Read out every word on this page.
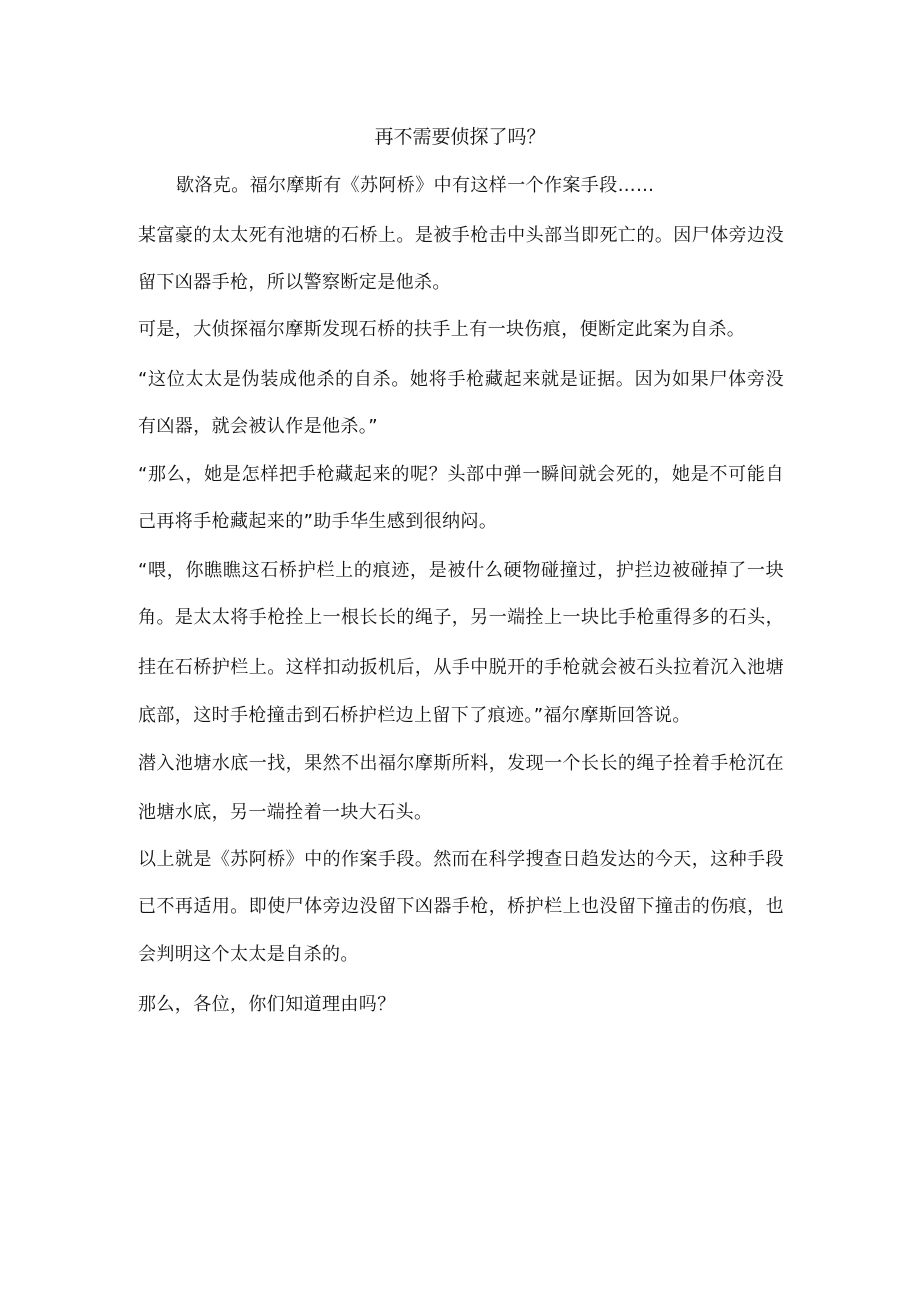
再不需要侦探了吗？
歇洛克。福尔摩斯有《苏阿桥》中有这样一个作案手段……
某富豪的太太死有池塘的石桥上。是被手枪击中头部当即死亡的。因尸体旁边没
留下凶器手枪，所以警察断定是他杀。
可是，大侦探福尔摩斯发现石桥的扶手上有一块伤痕，便断定此案为自杀。
“这位太太是伪装成他杀的自杀。她将手枪藏起来就是证据。因为如果尸体旁没
有凶器，就会被认作是他杀。”
“那么，她是怎样把手枪藏起来的呢？头部中弹一瞬间就会死的，她是不可能自
己再将手枪藏起来的”助手华生感到很纳闷。
“喂，你瞧瞧这石桥护栏上的痕迹，是被什么硬物碰撞过，护拦边被碰掉了一块
角。是太太将手枪拴上一根长长的绳子，另一端拴上一块比手枪重得多的石头，
挂在石桥护栏上。这样扣动扳机后，从手中脱开的手枪就会被石头拉着沉入池塘
底部，这时手枪撞击到石桥护栏边上留下了痕迹。”福尔摩斯回答说。
潜入池塘水底一找，果然不出福尔摩斯所料，发现一个长长的绳子拴着手枪沉在
池塘水底，另一端拴着一块大石头。
以上就是《苏阿桥》中的作案手段。然而在科学搜查日趋发达的今天，这种手段
已不再适用。即使尸体旁边没留下凶器手枪，桥护栏上也没留下撞击的伤痕，也
会判明这个太太是自杀的。
那么，各位，你们知道理由吗？
